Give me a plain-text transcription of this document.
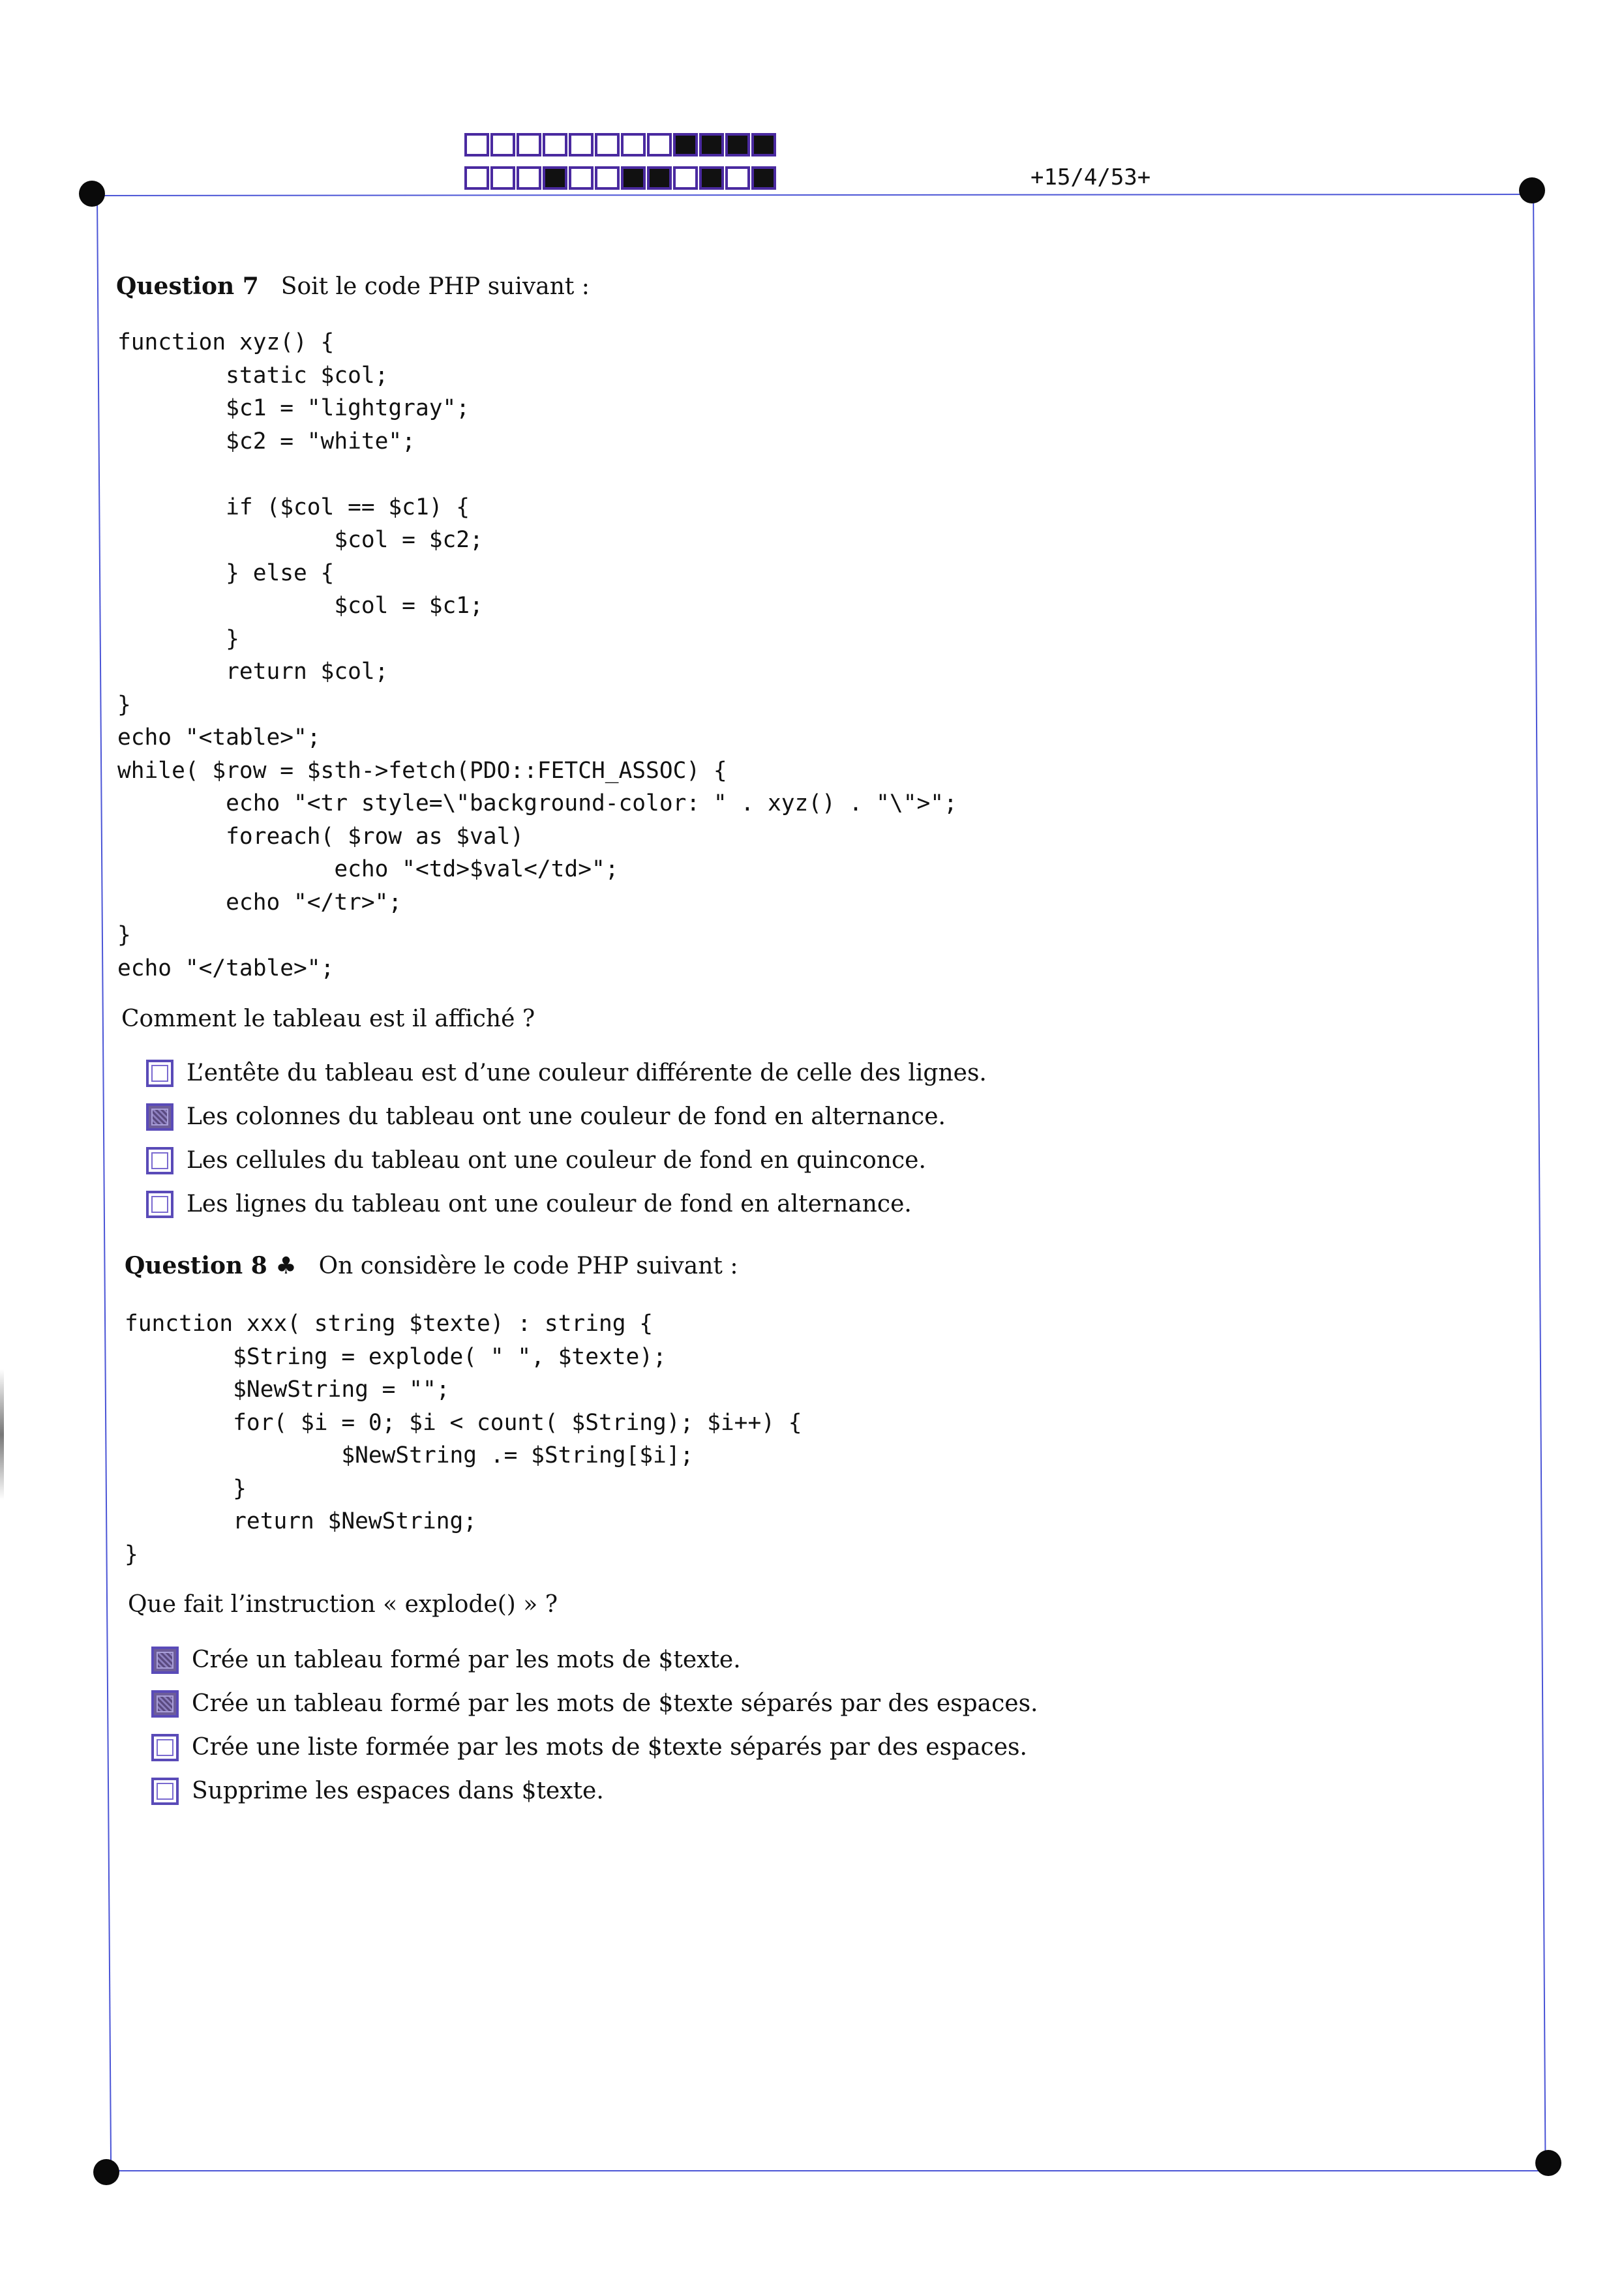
+15/4/53+
Question 7 Soit le code PHP suivant :
function xyz() {
static $col;
$c1 = "lightgray";
$c2 = "white";

if ($col == $c1) {
$col = $c2;
} else {
$col = $c1;
}
return $col;
}
echo "<table>";
while( $row = $sth->fetch(PDO::FETCH_ASSOC) {
echo "<tr style=\"background-color: " . xyz() . "\">";
foreach( $row as $val)
echo "<td>$val</td>";
echo "</tr>";
}
echo "</table>";
Comment le tableau est il affiché ?
L’entête du tableau est d’une couleur différente de celle des lignes.
Les colonnes du tableau ont une couleur de fond en alternance.
Les cellules du tableau ont une couleur de fond en quinconce.
Les lignes du tableau ont une couleur de fond en alternance.
Question 8 ♣ On considère le code PHP suivant :
function xxx( string $texte) : string {
$String = explode( " ", $texte);
$NewString = "";
for( $i = 0; $i < count( $String); $i++) {
$NewString .= $String[$i];
}
return $NewString;
}
Que fait l’instruction « explode() » ?
Crée un tableau formé par les mots de $texte.
Crée un tableau formé par les mots de $texte séparés par des espaces.
Crée une liste formée par les mots de $texte séparés par des espaces.
Supprime les espaces dans $texte.
